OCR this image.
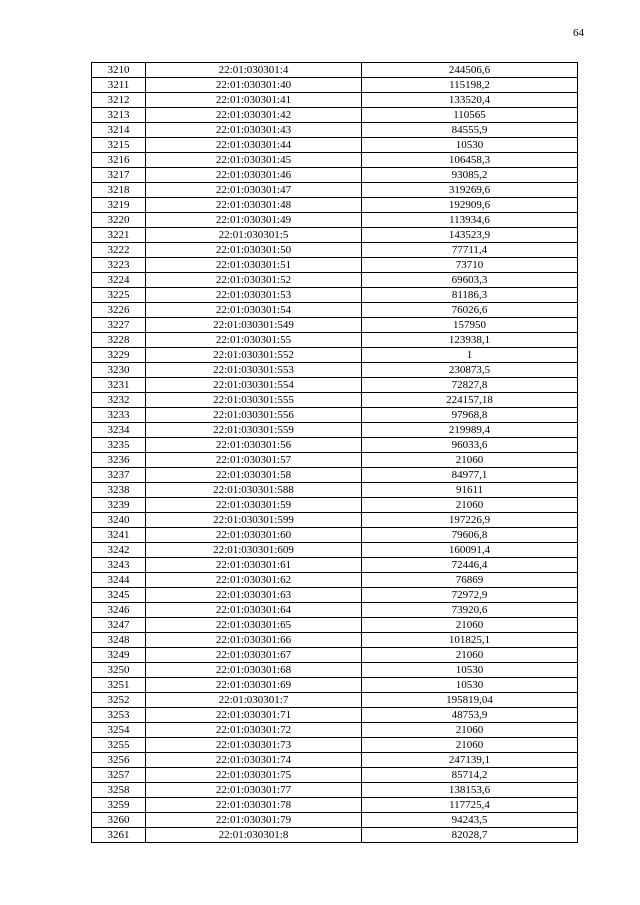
64
3210	22:01:030301:4	244506,6
3211	22:01:030301:40	115198,2
3212	22:01:030301:41	133520,4
3213	22:01:030301:42	110565
3214	22:01:030301:43	84555,9
3215	22:01:030301:44	10530
3216	22:01:030301:45	106458,3
3217	22:01:030301:46	93085,2
3218	22:01:030301:47	319269,6
3219	22:01:030301:48	192909,6
3220	22:01:030301:49	113934,6
3221	22:01:030301:5	143523,9
3222	22:01:030301:50	77711,4
3223	22:01:030301:51	73710
3224	22:01:030301:52	69603,3
3225	22:01:030301:53	81186,3
3226	22:01:030301:54	76026,6
3227	22:01:030301:549	157950
3228	22:01:030301:55	123938,1
3229	22:01:030301:552	1
3230	22:01:030301:553	230873,5
3231	22:01:030301:554	72827,8
3232	22:01:030301:555	224157,18
3233	22:01:030301:556	97968,8
3234	22:01:030301:559	219989,4
3235	22:01:030301:56	96033,6
3236	22:01:030301:57	21060
3237	22:01:030301:58	84977,1
3238	22:01:030301:588	91611
3239	22:01:030301:59	21060
3240	22:01:030301:599	197226,9
3241	22:01:030301:60	79606,8
3242	22:01:030301:609	160091,4
3243	22:01:030301:61	72446,4
3244	22:01:030301:62	76869
3245	22:01:030301:63	72972,9
3246	22:01:030301:64	73920,6
3247	22:01:030301:65	21060
3248	22:01:030301:66	101825,1
3249	22:01:030301:67	21060
3250	22:01:030301:68	10530
3251	22:01:030301:69	10530
3252	22:01:030301:7	195819,04
3253	22:01:030301:71	48753,9
3254	22:01:030301:72	21060
3255	22:01:030301:73	21060
3256	22:01:030301:74	247139,1
3257	22:01:030301:75	85714,2
3258	22:01:030301:77	138153,6
3259	22:01:030301:78	117725,4
3260	22:01:030301:79	94243,5
3261	22:01:030301:8	82028,7
